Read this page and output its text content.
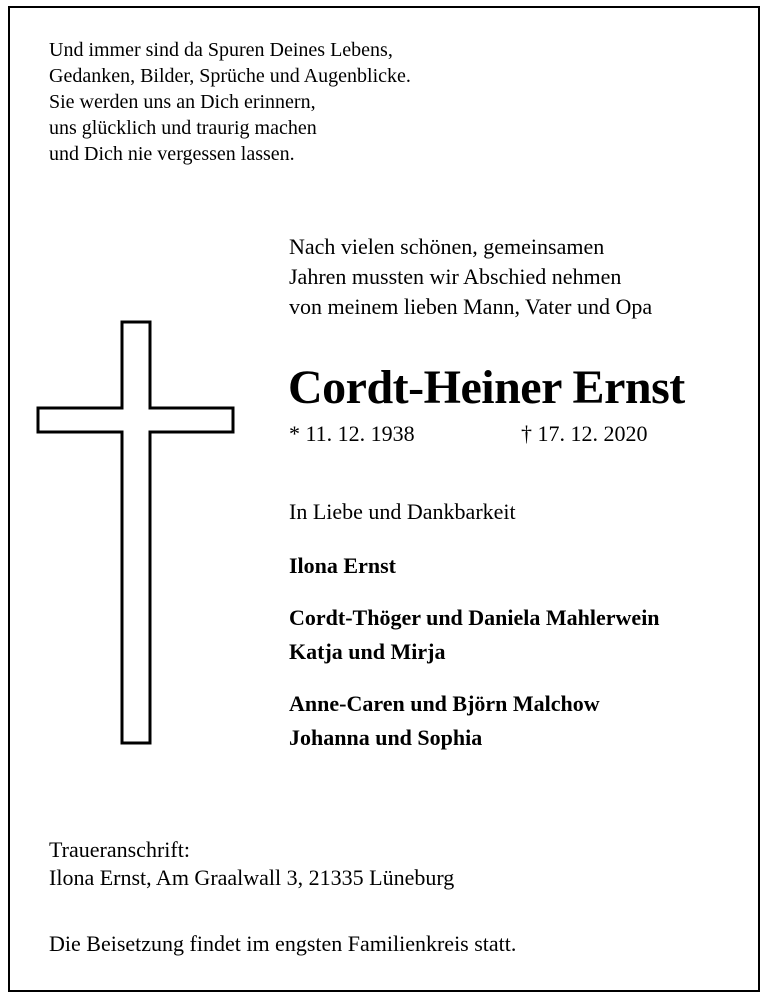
Und immer sind da Spuren Deines Lebens,
Gedanken, Bilder, Sprüche und Augenblicke.
Sie werden uns an Dich erinnern,
uns glücklich und traurig machen
und Dich nie vergessen lassen.
Nach vielen schönen, gemeinsamen
Jahren mussten wir Abschied nehmen
von meinem lieben Mann, Vater und Opa
Cordt-Heiner Ernst
* 11. 12. 1938	† 17. 12. 2020
In Liebe und Dankbarkeit
Ilona Ernst
Cordt-Thöger und Daniela Mahlerwein
Katja und Mirja
Anne-Caren und Björn Malchow
Johanna und Sophia
Traueranschrift:
Ilona Ernst, Am Graalwall 3, 21335 Lüneburg
Die Beisetzung findet im engsten Familienkreis statt.
